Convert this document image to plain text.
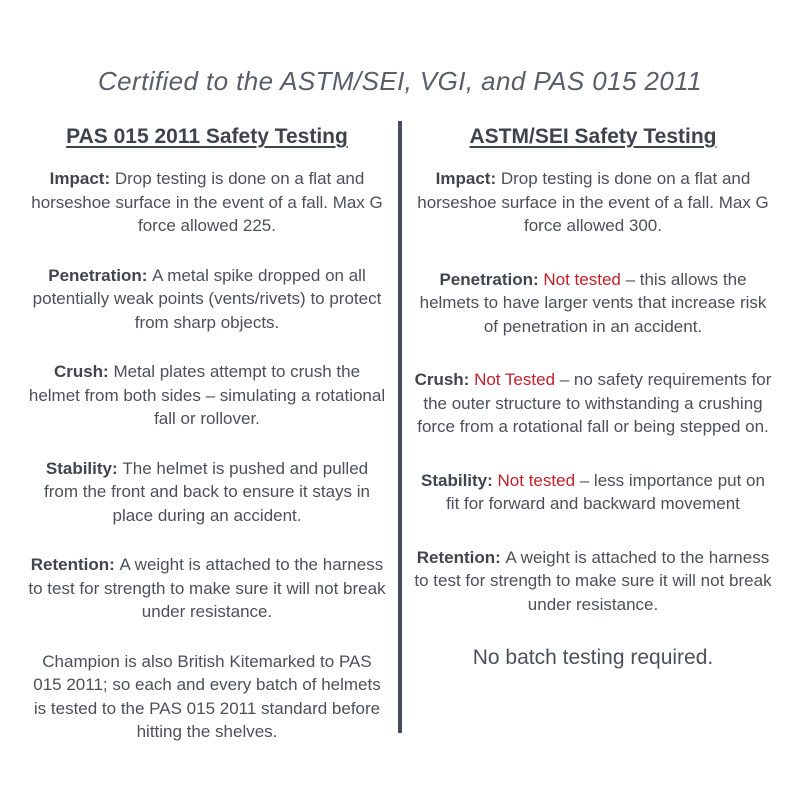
Certified to the ASTM/SEI, VGI, and PAS 015 2011
PAS 015 2011 Safety Testing

Impact: Drop testing is done on a flat and horseshoe surface in the event of a fall. Max G force allowed 225.

Penetration: A metal spike dropped on all potentially weak points (vents/rivets) to protect from sharp objects.

Crush: Metal plates attempt to crush the helmet from both sides – simulating a rotational fall or rollover.

Stability: The helmet is pushed and pulled from the front and back to ensure it stays in place during an accident.

Retention: A weight is attached to the harness to test for strength to make sure it will not break under resistance.

Champion is also British Kitemarked to PAS 015 2011; so each and every batch of helmets is tested to the PAS 015 2011 standard before hitting the shelves.

ASTM/SEI Safety Testing

Impact: Drop testing is done on a flat and horseshoe surface in the event of a fall. Max G force allowed 300.

Penetration: Not tested – this allows the helmets to have larger vents that increase risk of penetration in an accident.

Crush: Not Tested – no safety requirements for the outer structure to withstanding a crushing force from a rotational fall or being stepped on.

Stability: Not tested – less importance put on fit for forward and backward movement

Retention: A weight is attached to the harness to test for strength to make sure it will not break under resistance.

No batch testing required.
